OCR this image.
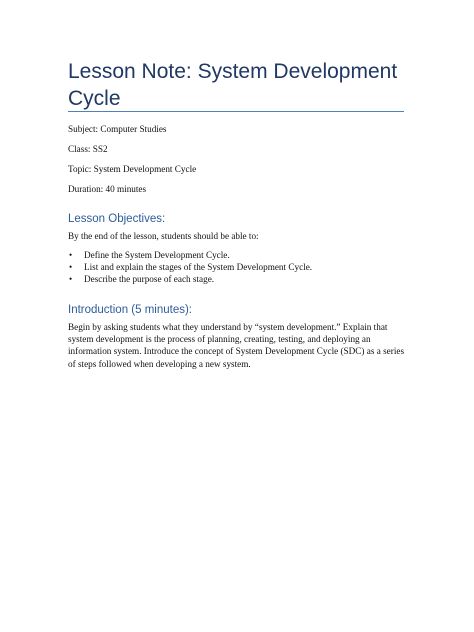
Lesson Note: System Development Cycle

Subject: Computer Studies

Class: SS2

Topic: System Development Cycle

Duration: 40 minutes

Lesson Objectives:

By the end of the lesson, students should be able to:

• Define the System Development Cycle.
• List and explain the stages of the System Development Cycle.
• Describe the purpose of each stage.
Introduction (5 minutes):

Begin by asking students what they understand by “system development.” Explain that system development is the process of planning, creating, testing, and deploying an information system. Introduce the concept of System Development Cycle (SDC) as a series of steps followed when developing a new system.
